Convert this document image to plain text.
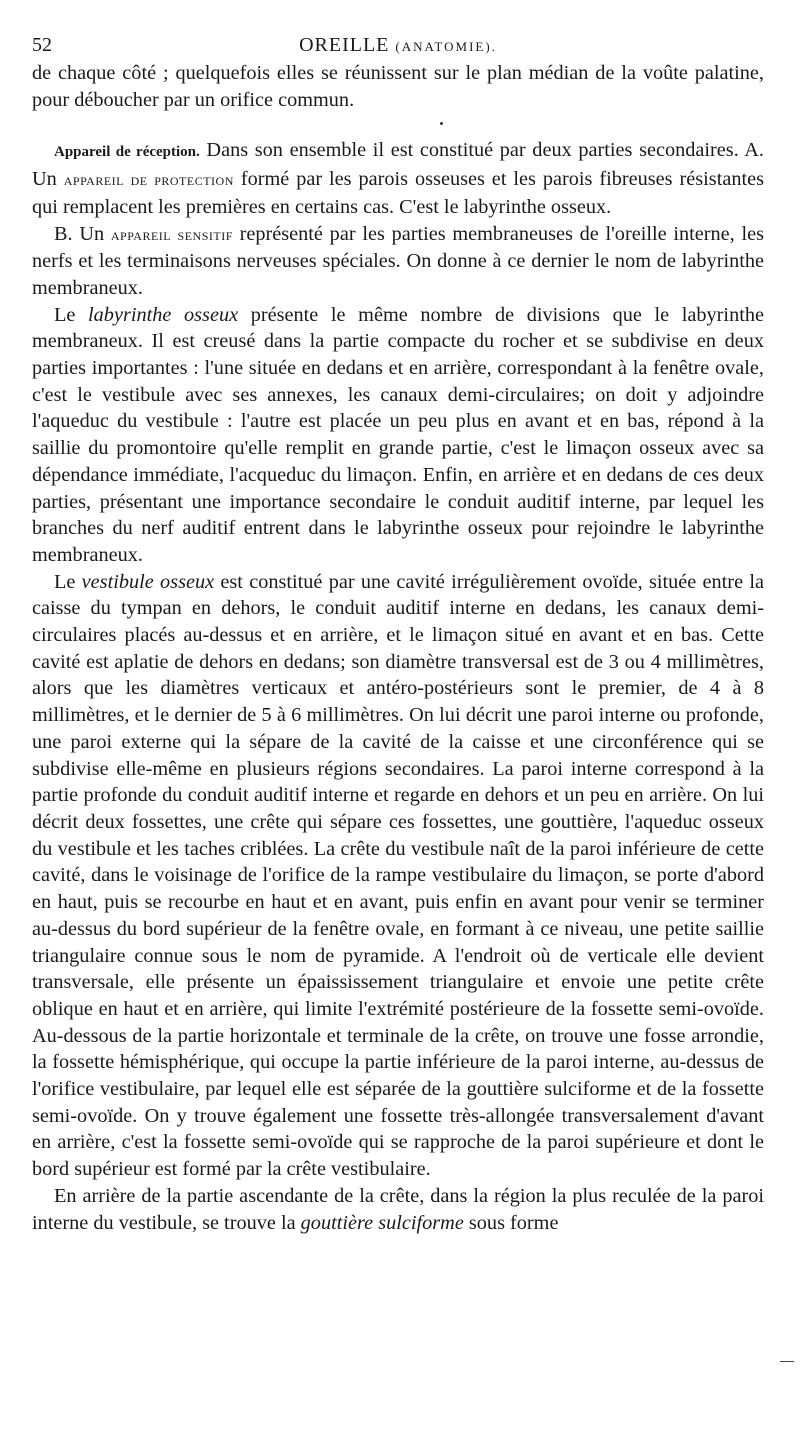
52	OREILLE (ANATOMIE).

de chaque côté ; quelquefois elles se réunissent sur le plan médian de la voûte palatine, pour déboucher par un orifice commun.

Appareil de réception. Dans son ensemble il est constitué par deux parties secondaires. A. Un appareil de protection formé par les parois osseuses et les parois fibreuses résistantes qui remplacent les premières en certains cas. C'est le labyrinthe osseux.

B. Un appareil sensitif représenté par les parties membraneuses de l'oreille interne, les nerfs et les terminaisons nerveuses spéciales. On donne à ce dernier le nom de labyrinthe membraneux.

Le labyrinthe osseux présente le même nombre de divisions que le labyrinthe membraneux. Il est creusé dans la partie compacte du rocher et se subdivise en deux parties importantes : l'une située en dedans et en arrière, correspondant à la fenêtre ovale, c'est le vestibule avec ses annexes, les canaux demi-circulaires; on doit y adjoindre l'aqueduc du vestibule : l'autre est placée un peu plus en avant et en bas, répond à la saillie du promontoire qu'elle remplit en grande partie, c'est le limaçon osseux avec sa dépendance immédiate, l'acqueduc du limaçon. Enfin, en arrière et en dedans de ces deux parties, présentant une importance secondaire le conduit auditif interne, par lequel les branches du nerf auditif entrent dans le labyrinthe osseux pour rejoindre le labyrinthe membraneux.

Le vestibule osseux est constitué par une cavité irrégulièrement ovoïde, située entre la caisse du tympan en dehors, le conduit auditif interne en dedans, les canaux demi-circulaires placés au-dessus et en arrière, et le limaçon situé en avant et en bas. Cette cavité est aplatie de dehors en dedans; son diamètre transversal est de 3 ou 4 millimètres, alors que les diamètres verticaux et antéro-postérieurs sont le premier, de 4 à 8 millimètres, et le dernier de 5 à 6 millimètres. On lui décrit une paroi interne ou profonde, une paroi externe qui la sépare de la cavité de la caisse et une circonférence qui se subdivise elle-même en plusieurs régions secondaires. La paroi interne correspond à la partie profonde du conduit auditif interne et regarde en dehors et un peu en arrière. On lui décrit deux fossettes, une crête qui sépare ces fossettes, une gouttière, l'aqueduc osseux du vestibule et les taches criblées. La crête du vestibule naît de la paroi inférieure de cette cavité, dans le voisinage de l'orifice de la rampe vestibulaire du limaçon, se porte d'abord en haut, puis se recourbe en haut et en avant, puis enfin en avant pour venir se terminer au-dessus du bord supérieur de la fenêtre ovale, en formant à ce niveau, une petite saillie triangulaire connue sous le nom de pyramide. A l'endroit où de verticale elle devient transversale, elle présente un épaississement triangulaire et envoie une petite crête oblique en haut et en arrière, qui limite l'extrémité postérieure de la fossette semi-ovoïde. Au-dessous de la partie horizontale et terminale de la crête, on trouve une fosse arrondie, la fossette hémisphérique, qui occupe la partie inférieure de la paroi interne, au-dessus de l'orifice vestibulaire, par lequel elle est séparée de la gouttière sulciforme et de la fossette semi-ovoïde. On y trouve également une fossette très-allongée transversalement d'avant en arrière, c'est la fossette semi-ovoïde qui se rapproche de la paroi supérieure et dont le bord supérieur est formé par la crête vestibulaire.

En arrière de la partie ascendante de la crête, dans la région la plus reculée de la paroi interne du vestibule, se trouve la gouttière sulciforme sous forme
